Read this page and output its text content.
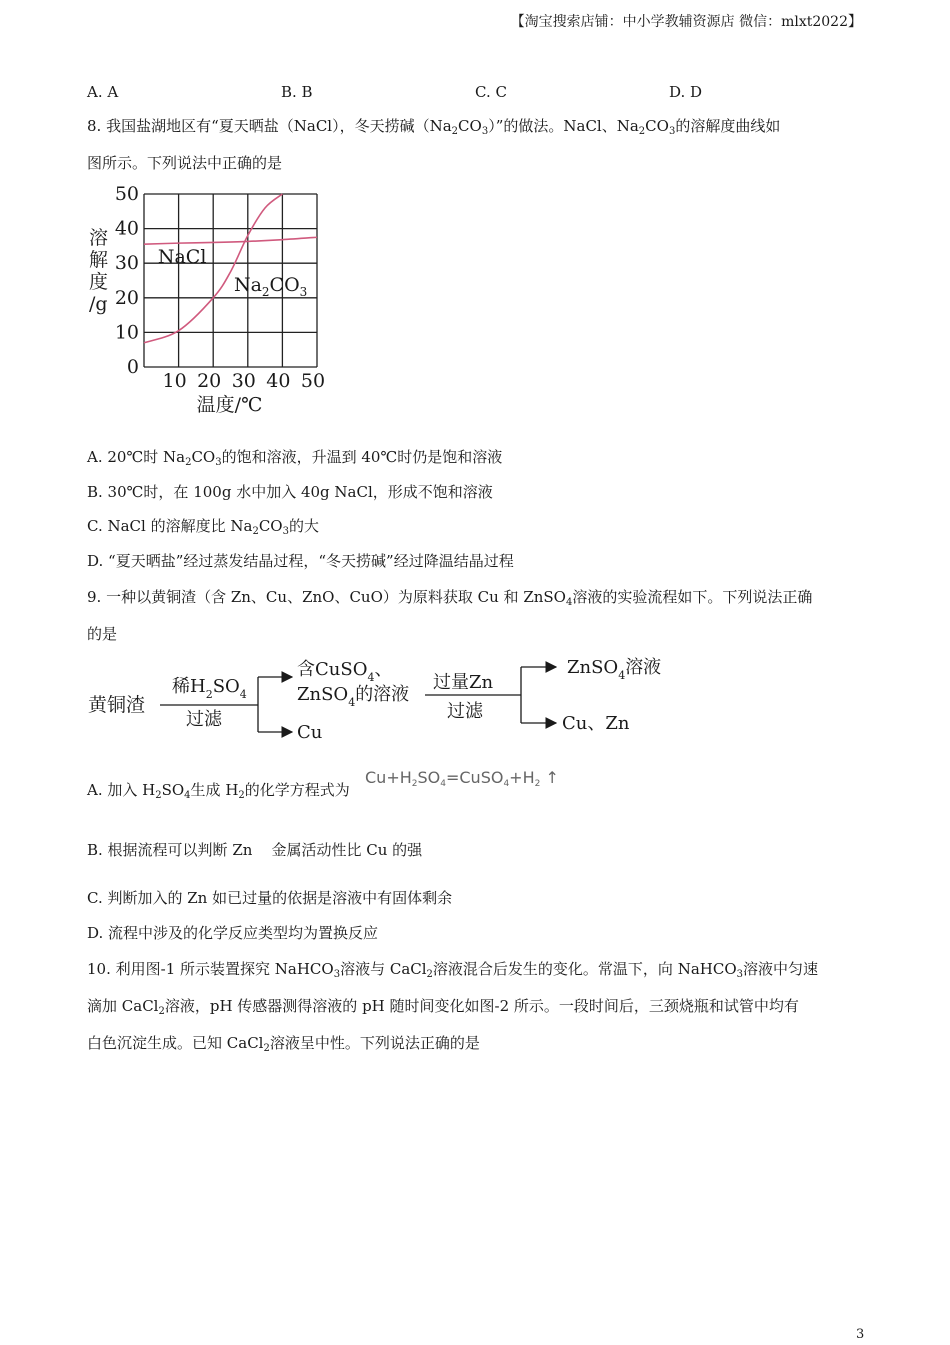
【淘宝搜索店铺：中小学教辅资源店 微信：mlxt2022】
A. A	B. B	C. C	D. D
8. 我国盐湖地区有“夏天晒盐（NaCl），冬天捞碱$(Na_2CO_3)$”的做法。NaCl、$Na_2CO_3$的溶解度曲线如
图所示。下列说法中正确的是
0
10
20
30
40
50
10 20 30 40 50
温度/℃
溶
解
度
/g
NaCl
$Na_2CO_3$
A. 20℃时 $Na_2CO_3$的饱和溶液，升温到 40℃时仍是饱和溶液
B. 30℃时，在 100g 水中加入 40g NaCl，形成不饱和溶液
C. NaCl 的溶解度比 $Na_2CO_3$的大
D. “夏天晒盐”经过蒸发结晶过程，“冬天捞碱”经过降温结晶过程
9. 一种以黄铜渣（含 Zn、Cu、ZnO、CuO）为原料获取 Cu 和 ZnSO$_4$溶液的实验流程如下。下列说法正确
的是
黄铜渣
稀$H_2SO_4$
过滤
含CuSO$_4$、
ZnSO$_4$的溶液
Cu
过量Zn
过滤
ZnSO$_4$溶液
Cu、Zn
A. 加入 $H_2SO_4$生成 $H_2$的化学方程式为
$Cu+H_2SO_4=CuSO_4+H_2$ ↑
B. 根据流程可以判断 Zn    金属活动性比 Cu 的强
C. 判断加入的 Zn 如已过量的依据是溶液中有固体剩余
D. 流程中涉及的化学反应类型均为置换反应
10. 利用图-1 所示装置探究 NaHCO$_3$溶液与 CaCl$_2$溶液混合后发生的变化。常温下，向 NaHCO$_3$溶液中匀速
滴加 CaCl$_2$溶液，pH 传感器测得溶液的 pH 随时间变化如图-2 所示。一段时间后，三颈烧瓶和试管中均有
白色沉淀生成。已知 CaCl$_2$溶液呈中性。下列说法正确的是
3
